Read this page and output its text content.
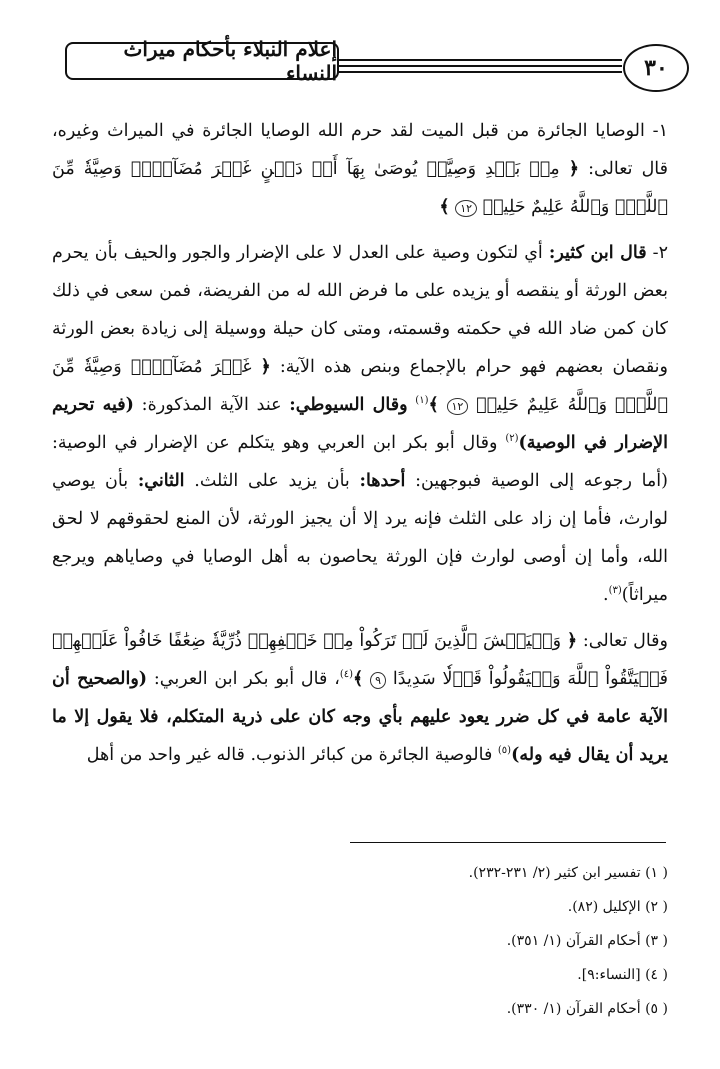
إعلام النبلاء بأحكام ميراث النساء	٣٠

١- الوصايا الجائرة من قبل الميت لقد حرم الله الوصايا الجائرة في الميراث وغيره، قال تعالى: ﴿ مِنۢ بَعۡدِ وَصِيَّةٖ يُوصَىٰ بِهَآ أَوۡ دَيۡنٍ غَيۡرَ مُضَآرّٖۚ وَصِيَّةٗ مِّنَ ٱللَّهِۗ وَٱللَّهُ عَلِيمٌ حَلِيمٞ ١٢ ﴾

٢- قال ابن كثير: أي لتكون وصية على العدل لا على الإضرار والجور والحيف بأن يحرم بعض الورثة أو ينقصه أو يزيده على ما فرض الله له من الفريضة، فمن سعى في ذلك كان كمن ضاد الله في حكمته وقسمته، ومتى كان حيلة ووسيلة إلى زيادة بعض الورثة ونقصان بعضهم فهو حرام بالإجماع وبنص هذه الآية: ﴿ غَيۡرَ مُضَآرّٖۚ وَصِيَّةٗ مِّنَ ٱللَّهِۗ وَٱللَّهُ عَلِيمٌ حَلِيمٞ ١٢ ﴾$^{(١)}$ وقال السيوطي: عند الآية المذكورة: (فيه تحريم الإضرار في الوصية)$^{(٢)}$ وقال أبو بكر ابن العربي وهو يتكلم عن الإضرار في الوصية: (أما رجوعه إلى الوصية فبوجهين: أحدها: بأن يزيد على الثلث. الثاني: بأن يوصي لوارث، فأما إن زاد على الثلث فإنه يرد إلا أن يجيز الورثة، لأن المنع لحقوقهم لا لحق الله، وأما إن أوصى لوارث فإن الورثة يحاصون به أهل الوصايا في وصاياهم ويرجع ميراثاً)$^{(٣)}$.

وقال تعالى: ﴿ وَلۡيَخۡشَ ٱلَّذِينَ لَوۡ تَرَكُواْ مِنۡ خَلۡفِهِمۡ ذُرِّيَّةٗ ضِعَٰفًا خَافُواْ عَلَيۡهِمۡ فَلۡيَتَّقُواْ ٱللَّهَ وَلۡيَقُولُواْ قَوۡلٗا سَدِيدًا ٩ ﴾$^{(٤)}$، قال أبو بكر ابن العربي: (والصحيح أن الآية عامة في كل ضرر يعود عليهم بأي وجه كان على ذرية المتكلم، فلا يقول إلا ما يريد أن يقال فيه وله)$^{(٥)}$ فالوصية الجائرة من كبائر الذنوب. قاله غير واحد من أهل

( ١) تفسير ابن كثير (٢/ ٢٣١-٢٣٢).
( ٢) الإكليل (٨٢).
( ٣) أحكام القرآن (١/ ٣٥١).
( ٤) [النساء:٩].
( ٥) أحكام القرآن (١/ ٣٣٠).
